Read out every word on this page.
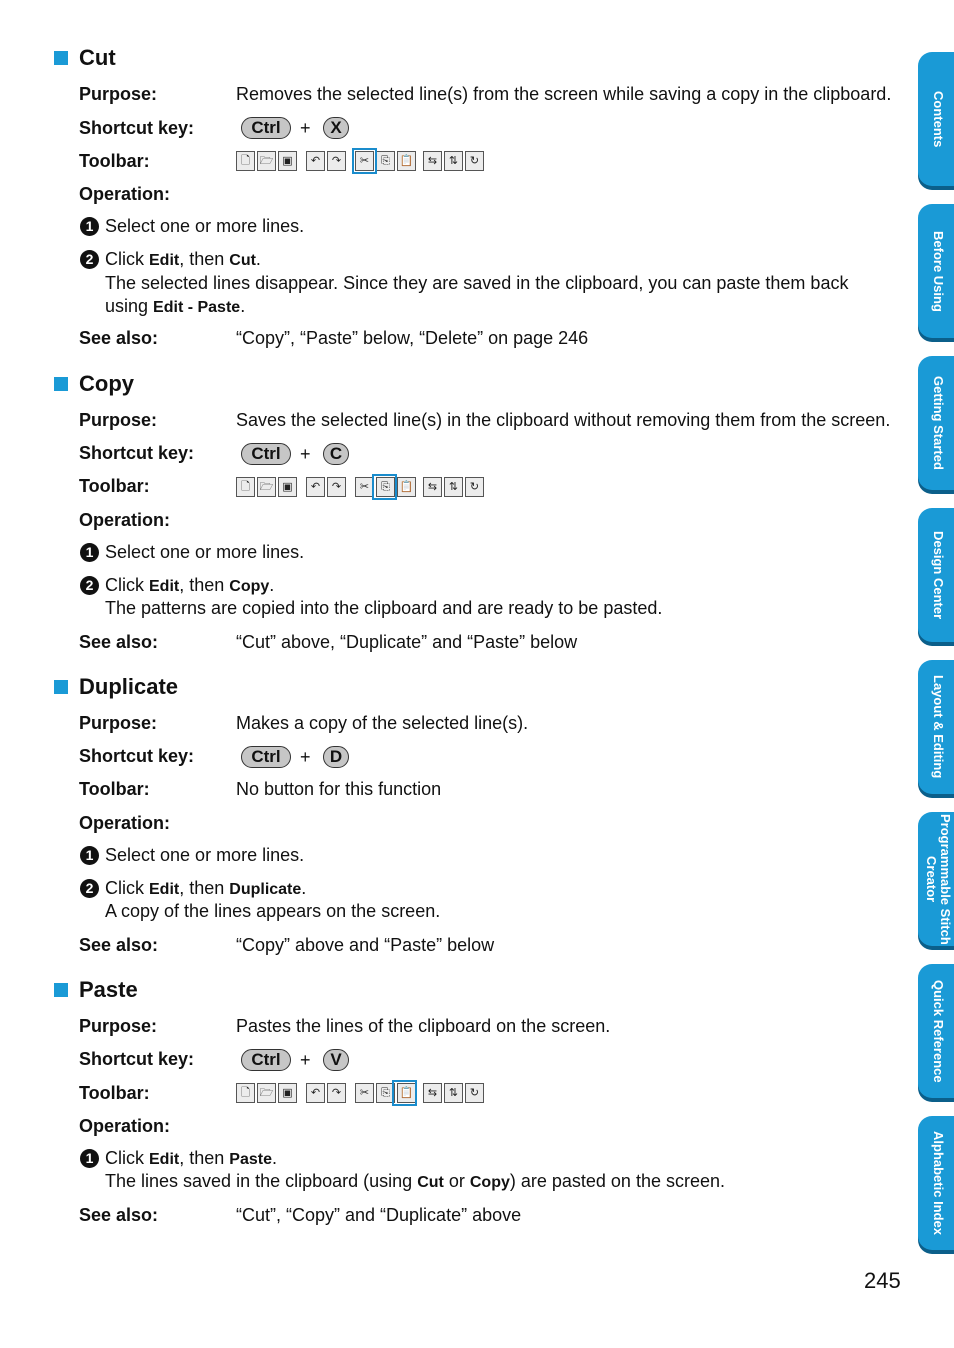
Cut
Purpose:	Removes the selected line(s) from the screen while saving a copy in the clipboard.
Shortcut key:	Ctrl	+	X
Toolbar:	🗋 🗁 ▣	↶	↷	✂	⎘ 📋	⇆	⇅	↻
Operation:
1 Select one or more lines.
2 Click Edit, then Cut.
The selected lines disappear. Since they are saved in the clipboard, you can paste them back
using Edit - Paste.
See also:	“Copy”, “Paste” below, “Delete” on page 246
Copy
Purpose:	Saves the selected line(s) in the clipboard without removing them from the screen.
Shortcut key:	Ctrl	+	C
Toolbar:	🗋 🗁 ▣	↶	↷	✂	⎘ 📋	⇆	⇅	↻
Operation:
1 Select one or more lines.
2 Click Edit, then Copy.
The patterns are copied into the clipboard and are ready to be pasted.
See also:	“Cut” above, “Duplicate” and “Paste” below
Duplicate
Purpose:	Makes a copy of the selected line(s).
Shortcut key:	Ctrl	+	D
Toolbar:	No button for this function
Operation:
1 Select one or more lines.
2 Click Edit, then Duplicate.
A copy of the lines appears on the screen.
See also:	“Copy” above and “Paste” below
Paste
Purpose:	Pastes the lines of the clipboard on the screen.
Shortcut key:	Ctrl	+	V
Toolbar:	🗋 🗁 ▣	↶	↷	✂	⎘ 📋	⇆	⇅	↻
Operation:
1 Click Edit, then Paste.
The lines saved in the clipboard (using Cut or Copy) are pasted on the screen.
See also:	“Cut”, “Copy” and “Duplicate” above
Contents
Before Using
Getting Started
Design Center
Layout & Editing
Programmable Stitch Creator
Quick Reference
Alphabetic Index
245
